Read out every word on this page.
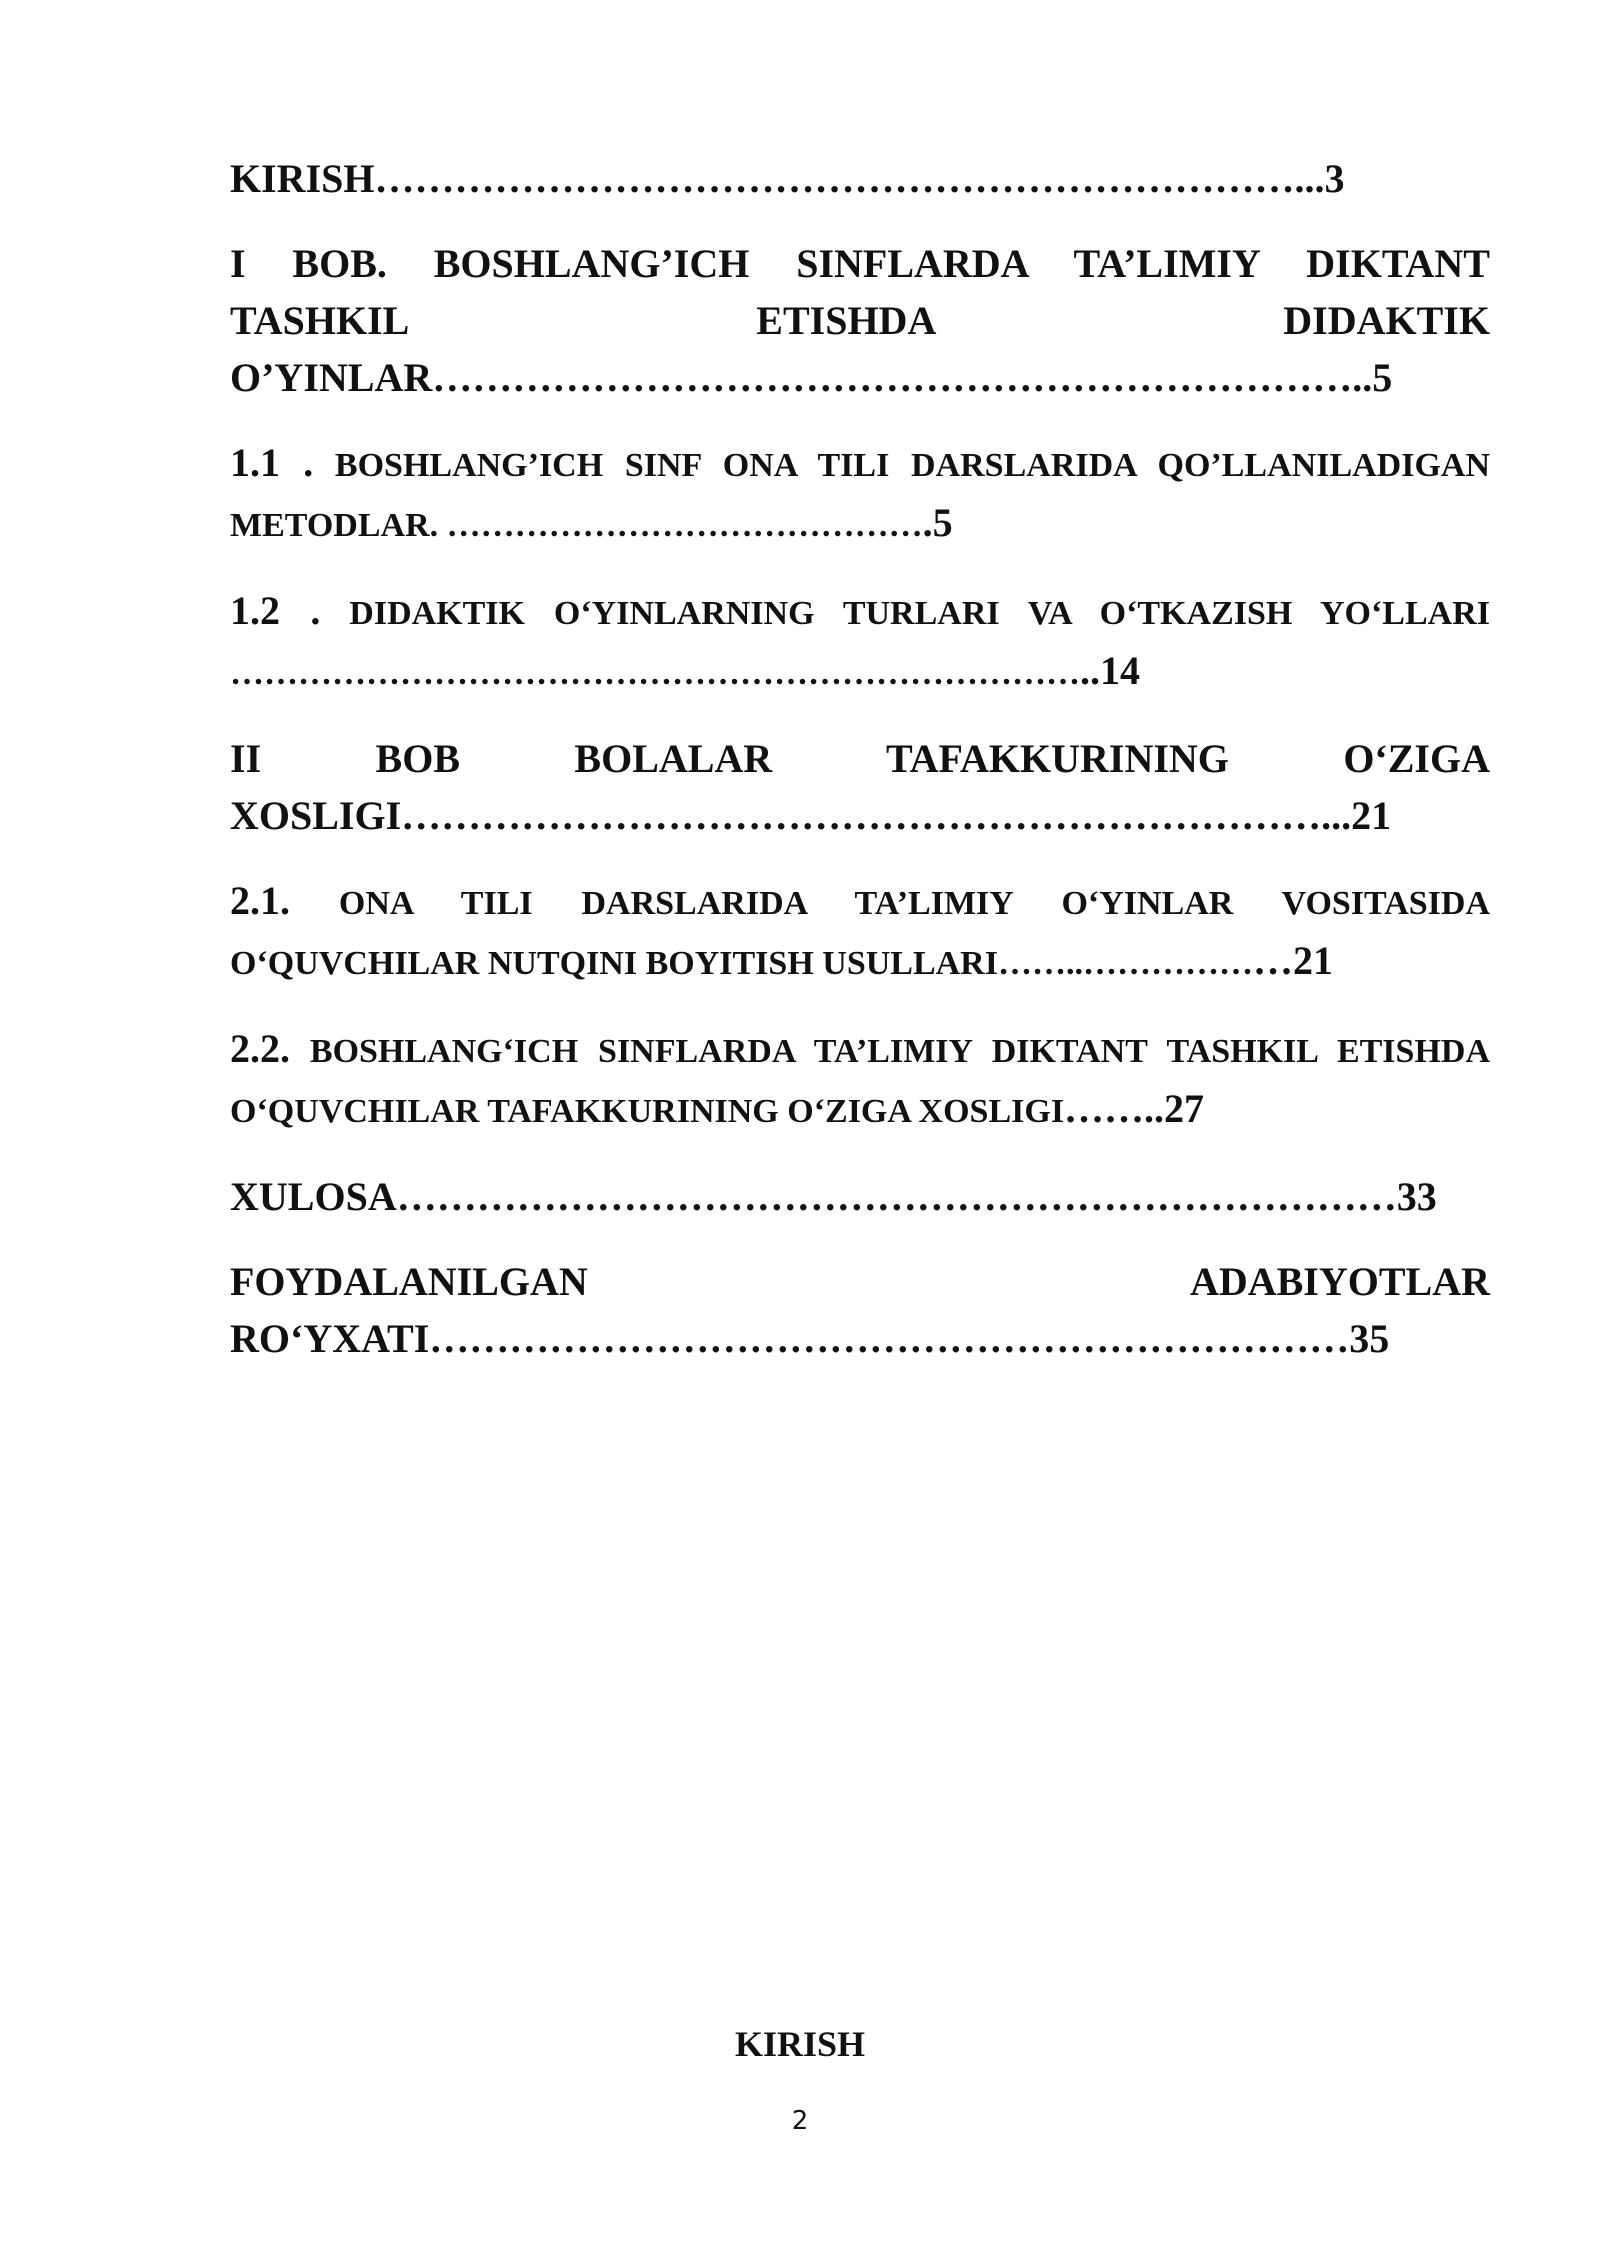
KIRISH……………………………………………………………...3

I BOB. BOSHLANG’ICH SINFLARDA TA’LIMIY DIKTANT TASHKIL ETISHDA DIDAKTIK O’YINLAR……………………………………………………………..5

1.1 . BOSHLANG’ICH SINF ONA TILI DARSLARIDA QO’LLANILADIGAN METODLAR. …………………………………….5

1.2 . DIDAKTIK O‘YINLARNING TURLARI VA O‘TKAZISH YO‘LLARI …………………………………………………………………..14

II BOB BOLALAR TAFAKKURINING O‘ZIGA XOSLIGI……………………………………………………………...21

2.1. ONA TILI DARSLARIDA TA’LIMIY O‘YINLAR VOSITASIDA O‘QUVCHILAR NUTQINI BOYITISH USULLARI……..………………21

2.2. BOSHLANG‘ICH SINFLARDA TA’LIMIY DIKTANT TASHKIL ETISHDA O‘QUVCHILAR TAFAKKURINING O‘ZIGA XOSLIGI……..27

XULOSA…………………………………………………………………33

FOYDALANILGAN ADABIYOTLAR RO‘YXATI……………………………………………………………35

KIRISH
2
